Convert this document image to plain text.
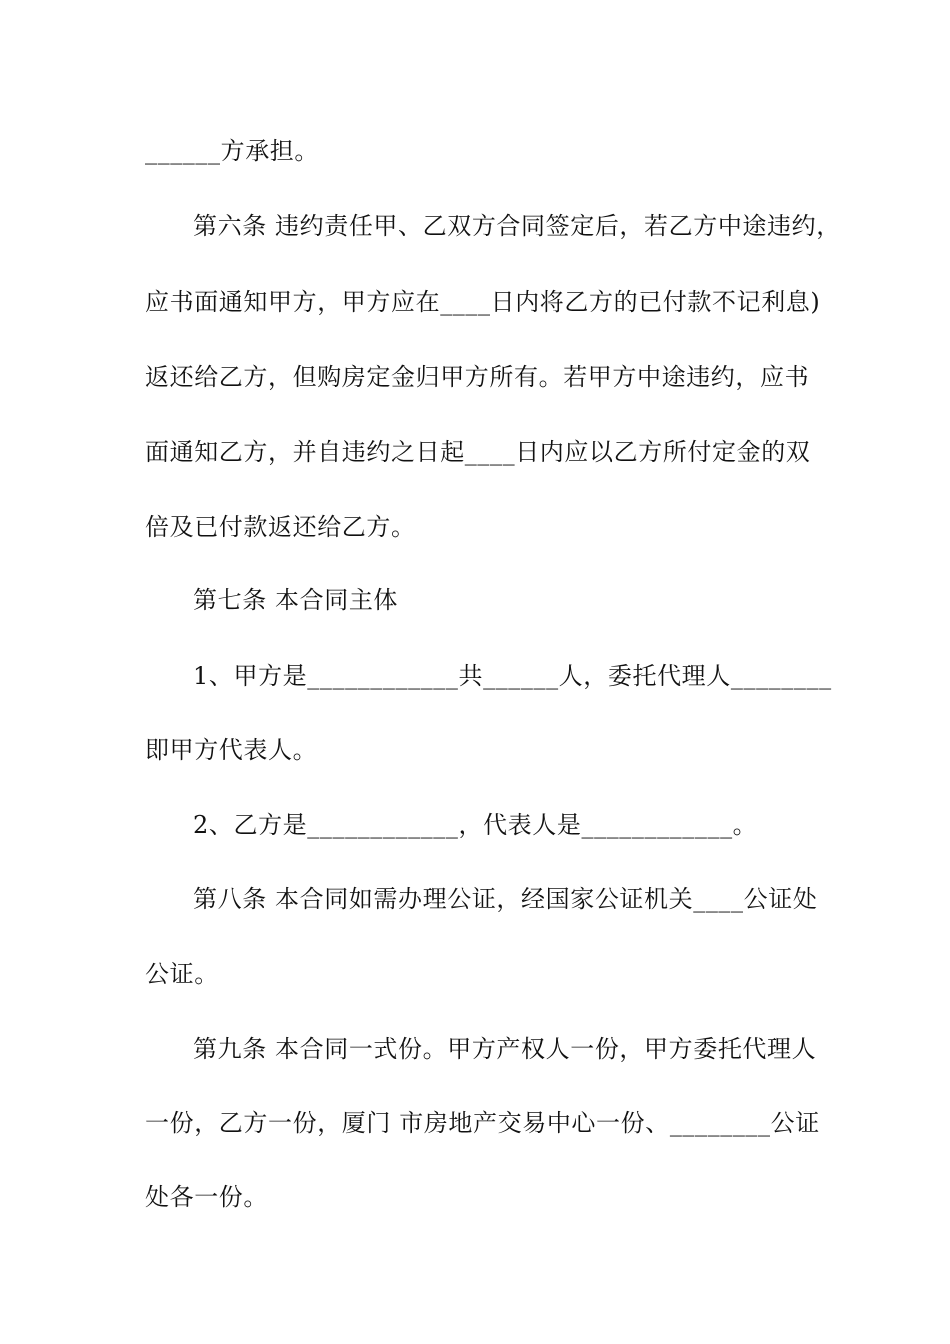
______方承担。
第六条 违约责任甲、乙双方合同签定后，若乙方中途违约，
应书面通知甲方，甲方应在____日内将乙方的已付款不记利息)
返还给乙方，但购房定金归甲方所有。若甲方中途违约，应书
面通知乙方，并自违约之日起____日内应以乙方所付定金的双
倍及已付款返还给乙方。
第七条 本合同主体
1、甲方是____________共______人，委托代理人________
即甲方代表人。
2、乙方是____________，代表人是____________。
第八条 本合同如需办理公证，经国家公证机关____公证处
公证。
第九条 本合同一式份。甲方产权人一份，甲方委托代理人
一份，乙方一份，厦门 市房地产交易中心一份、________公证
处各一份。
